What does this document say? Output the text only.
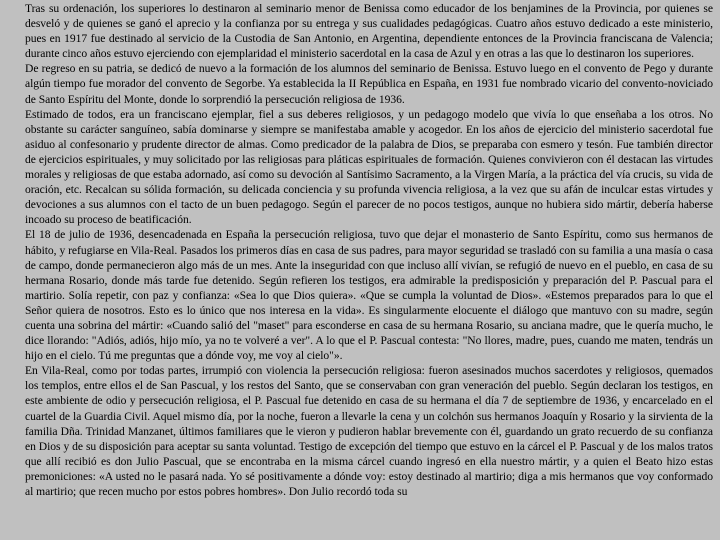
Tras su ordenación, los superiores lo destinaron al seminario menor de Benissa como educador de los benjamines de la Provincia, por quienes se desveló y de quienes se ganó el aprecio y la confianza por su entrega y sus cualidades pedagógicas. Cuatro años estuvo dedicado a este ministerio, pues en 1917 fue destinado al servicio de la Custodia de San Antonio, en Argentina, dependiente entonces de la Provincia franciscana de Valencia; durante cinco años estuvo ejerciendo con ejemplaridad el ministerio sacerdotal en la casa de Azul y en otras a las que lo destinaron los superiores.

De regreso en su patria, se dedicó de nuevo a la formación de los alumnos del seminario de Benissa. Estuvo luego en el convento de Pego y durante algún tiempo fue morador del convento de Segorbe. Ya establecida la II República en España, en 1931 fue nombrado vicario del convento-noviciado de Santo Espíritu del Monte, donde lo sorprendió la persecución religiosa de 1936.

Estimado de todos, era un franciscano ejemplar, fiel a sus deberes religiosos, y un pedagogo modelo que vivía lo que enseñaba a los otros. No obstante su carácter sanguíneo, sabía dominarse y siempre se manifestaba amable y acogedor. En los años de ejercicio del ministerio sacerdotal fue asiduo al confesonario y prudente director de almas. Como predicador de la palabra de Dios, se preparaba con esmero y tesón. Fue también director de ejercicios espirituales, y muy solicitado por las religiosas para pláticas espirituales de formación. Quienes convivieron con él destacan las virtudes morales y religiosas de que estaba adornado, así como su devoción al Santísimo Sacramento, a la Virgen María, a la práctica del vía crucis, su vida de oración, etc. Recalcan su sólida formación, su delicada conciencia y su profunda vivencia religiosa, a la vez que su afán de inculcar estas virtudes y devociones a sus alumnos con el tacto de un buen pedagogo. Según el parecer de no pocos testigos, aunque no hubiera sido mártir, debería haberse incoado su proceso de beatificación.

El 18 de julio de 1936, desencadenada en España la persecución religiosa, tuvo que dejar el monasterio de Santo Espíritu, como sus hermanos de hábito, y refugiarse en Vila-Real. Pasados los primeros días en casa de sus padres, para mayor seguridad se trasladó con su familia a una masía o casa de campo, donde permanecieron algo más de un mes. Ante la inseguridad con que incluso allí vivían, se refugió de nuevo en el pueblo, en casa de su hermana Rosario, donde más tarde fue detenido. Según refieren los testigos, era admirable la predisposición y preparación del P. Pascual para el martirio. Solía repetir, con paz y confianza: «Sea lo que Dios quiera». «Que se cumpla la voluntad de Dios». «Estemos preparados para lo que el Señor quiera de nosotros. Esto es lo único que nos interesa en la vida». Es singularmente elocuente el diálogo que mantuvo con su madre, según cuenta una sobrina del mártir: «Cuando salió del "maset" para esconderse en casa de su hermana Rosario, su anciana madre, que le quería mucho, le dice llorando: "Adiós, adiós, hijo mío, ya no te volveré a ver". A lo que el P. Pascual contesta: "No llores, madre, pues, cuando me maten, tendrás un hijo en el cielo. Tú me preguntas que a dónde voy, me voy al cielo"».

En Vila-Real, como por todas partes, irrumpió con violencia la persecución religiosa: fueron asesinados muchos sacerdotes y religiosos, quemados los templos, entre ellos el de San Pascual, y los restos del Santo, que se conservaban con gran veneración del pueblo. Según declaran los testigos, en este ambiente de odio y persecución religiosa, el P. Pascual fue detenido en casa de su hermana el día 7 de septiembre de 1936, y encarcelado en el cuartel de la Guardia Civil. Aquel mismo día, por la noche, fueron a llevarle la cena y un colchón sus hermanos Joaquín y Rosario y la sirvienta de la familia Dña. Trinidad Manzanet, últimos familiares que le vieron y pudieron hablar brevemente con él, guardando un grato recuerdo de su confianza en Dios y de su disposición para aceptar su santa voluntad. Testigo de excepción del tiempo que estuvo en la cárcel el P. Pascual y de los malos tratos que allí recibió es don Julio Pascual, que se encontraba en la misma cárcel cuando ingresó en ella nuestro mártir, y a quien el Beato hizo estas premoniciones: «A usted no le pasará nada. Yo sé positivamente a dónde voy: estoy destinado al martirio; diga a mis hermanos que voy conformado al martirio; que recen mucho por estos pobres hombres». Don Julio recordó toda su
